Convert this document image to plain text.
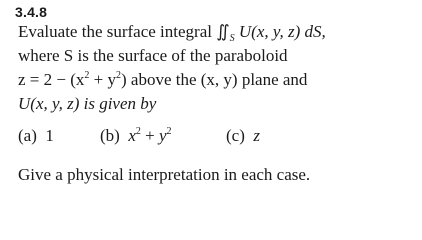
3.4.8
Evaluate the surface integral $∬_S$ U(x, y, z) dS,
where S is the surface of the paraboloid
$z = 2 - (x^2 + y^2)$ above the (x, y) plane and
U(x, y, z) is given by
(a) 1	(b) $x^2 + y^2$	(c) z
Give a physical interpretation in each case.
